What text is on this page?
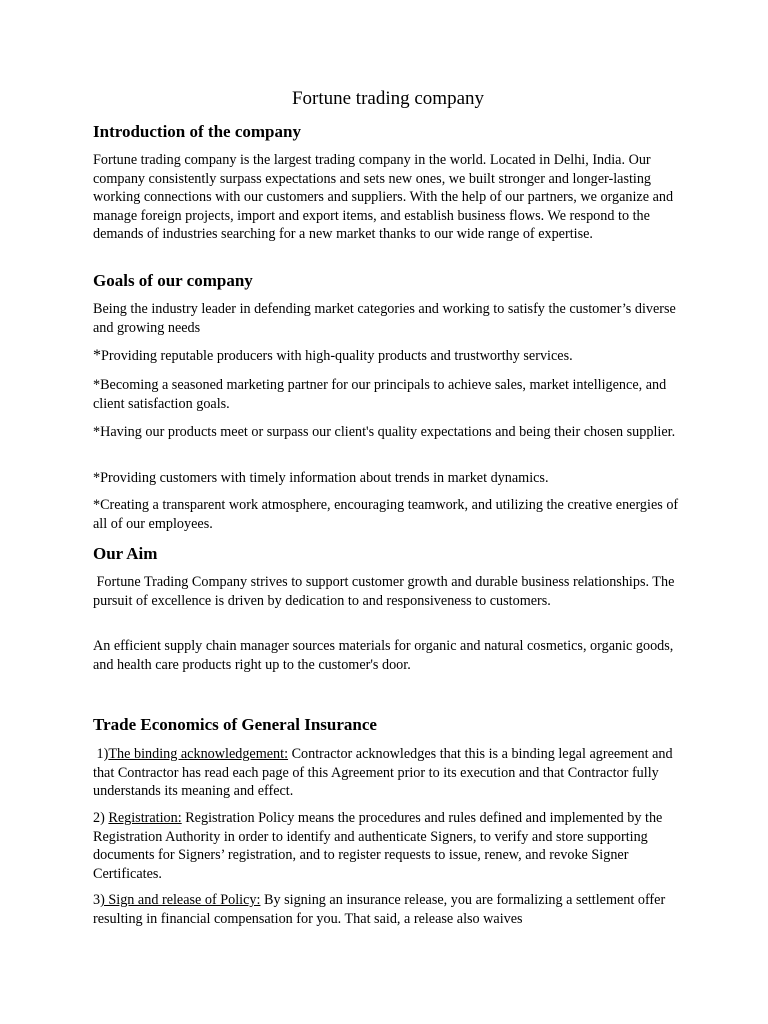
Fortune trading company
Introduction of the company

Fortune trading company is the largest trading company in the world. Located in Delhi, India. Our company consistently surpass expectations and sets new ones, we built stronger and longer-lasting working connections with our customers and suppliers. With the help of our partners, we organize and manage foreign projects, import and export items, and establish business flows. We respond to the demands of industries searching for a new market thanks to our wide range of expertise.

Goals of our company

Being the industry leader in defending market categories and working to satisfy the customer’s diverse and growing needs

*Providing reputable producers with high-quality products and trustworthy services.

*Becoming a seasoned marketing partner for our principals to achieve sales, market intelligence, and client satisfaction goals.

*Having our products meet or surpass our client's quality expectations and being their chosen supplier.

*Providing customers with timely information about trends in market dynamics.

*Creating a transparent work atmosphere, encouraging teamwork, and utilizing the creative energies of all of our employees.

Our Aim

Fortune Trading Company strives to support customer growth and durable business relationships. The pursuit of excellence is driven by dedication to and responsiveness to customers.

An efficient supply chain manager sources materials for organic and natural cosmetics, organic goods, and health care products right up to the customer's door.

Trade Economics of General Insurance

1)The binding acknowledgement: Contractor acknowledges that this is a binding legal agreement and that Contractor has read each page of this Agreement prior to its execution and that Contractor fully understands its meaning and effect.

2) Registration: Registration Policy means the procedures and rules defined and implemented by the Registration Authority in order to identify and authenticate Signers, to verify and store supporting documents for Signers’ registration, and to register requests to issue, renew, and revoke Signer Certificates.

3) Sign and release of Policy: By signing an insurance release, you are formalizing a settlement offer resulting in financial compensation for you. That said, a release also waives
